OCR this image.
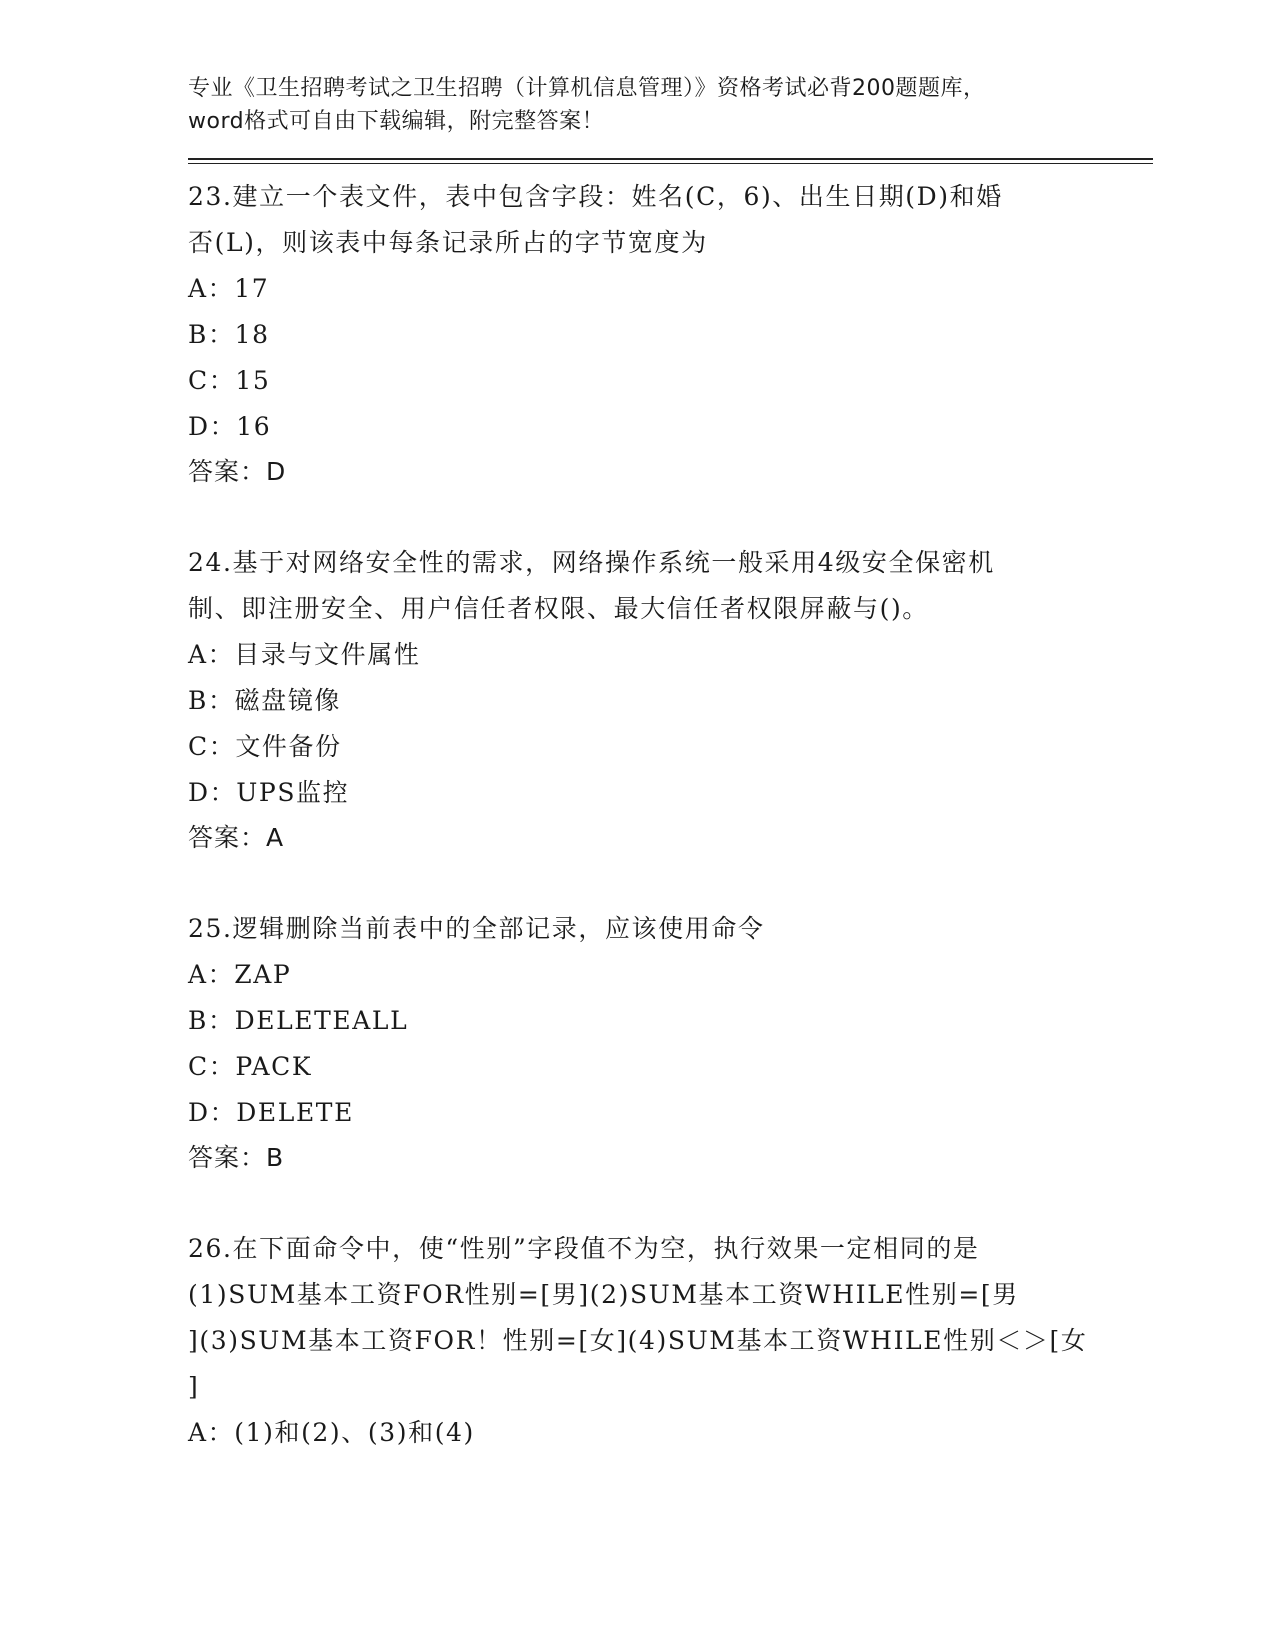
专业《卫生招聘考试之卫生招聘（计算机信息管理）》资格考试必背200题题库，
word格式可自由下载编辑，附完整答案！
23.建立一个表文件，表中包含字段：姓名(C，6)、出生日期(D)和婚
否(L)，则该表中每条记录所占的字节宽度为
A：17
B：18
C：15
D：16
答案：D
24.基于对网络安全性的需求，网络操作系统一般采用4级安全保密机
制、即注册安全、用户信任者权限、最大信任者权限屏蔽与()。
A：目录与文件属性
B：磁盘镜像
C：文件备份
D：UPS监控
答案：A
25.逻辑删除当前表中的全部记录，应该使用命令
A：ZAP
B：DELETEALL
C：PACK
D：DELETE
答案：B
26.在下面命令中，使“性别”字段值不为空，执行效果一定相同的是
(1)SUM基本工资FOR性别=[男](2)SUM基本工资WHILE性别=[男
](3)SUM基本工资FOR！性别=[女](4)SUM基本工资WHILE性别＜＞[女
]
A：(1)和(2)、(3)和(4)
